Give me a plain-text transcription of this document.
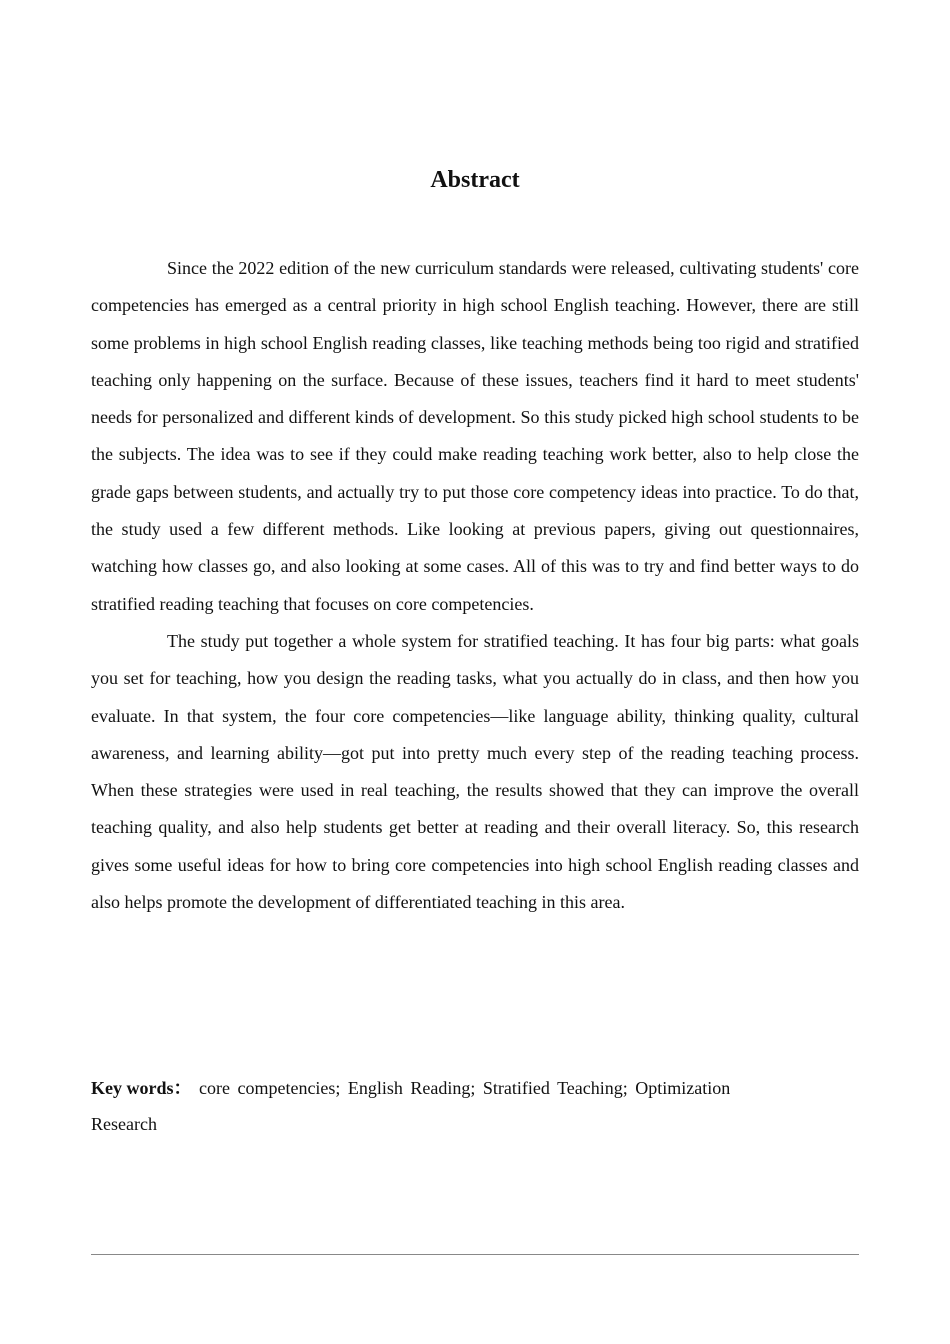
Abstract

Since the 2022 edition of the new curriculum standards were released, cultivating students' core competencies has emerged as a central priority in high school English teaching. However, there are still some problems in high school English reading classes, like teaching methods being too rigid and stratified teaching only happening on the surface. Because of these issues, teachers find it hard to meet students' needs for personalized and different kinds of development. So this study picked high school students to be the subjects. The idea was to see if they could make reading teaching work better, also to help close the grade gaps between students, and actually try to put those core competency ideas into practice. To do that, the study used a few different methods. Like looking at previous papers, giving out questionnaires, watching how classes go, and also looking at some cases. All of this was to try and find better ways to do stratified reading teaching that focuses on core competencies.

The study put together a whole system for stratified teaching. It has four big parts: what goals you set for teaching, how you design the reading tasks, what you actually do in class, and then how you evaluate. In that system, the four core competencies—like language ability, thinking quality, cultural awareness, and learning ability—got put into pretty much every step of the reading teaching process. When these strategies were used in real teaching, the results showed that they can improve the overall teaching quality, and also help students get better at reading and their overall literacy. So, this research gives some useful ideas for how to bring core competencies into high school English reading classes and also helps promote the development of differentiated teaching in this area.

Key words： core competencies; English Reading; Stratified Teaching; Optimization Research
